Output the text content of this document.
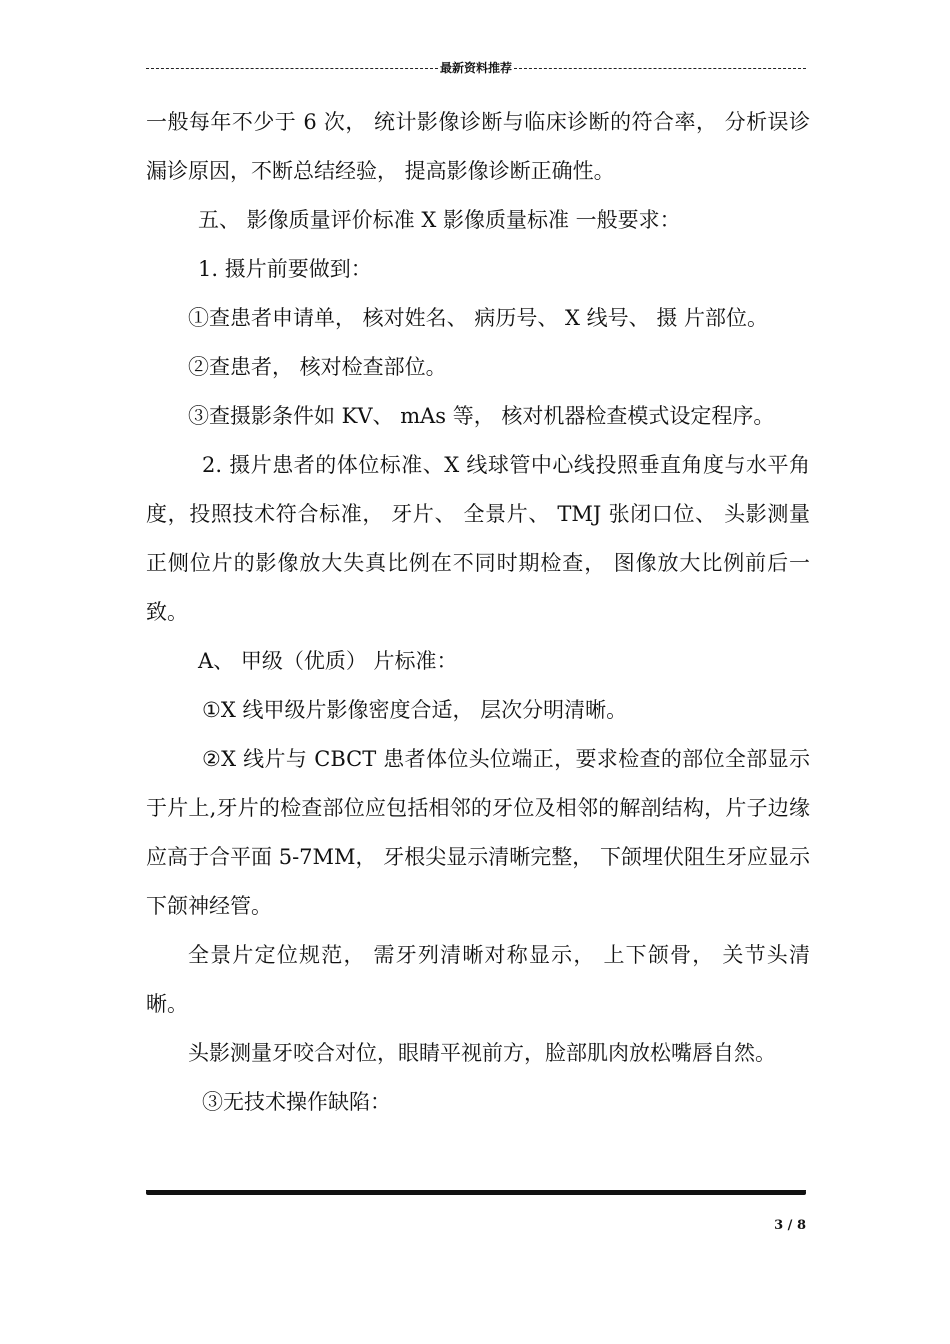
最新资料推荐

一般每年不少于 6 次， 统计影像诊断与临床诊断的符合率， 分析误诊漏诊原因，不断总结经验， 提高影像诊断正确性。

五、 影像质量评价标准 X 影像质量标准 一般要求：

1. 摄片前要做到：

①查患者申请单， 核对姓名、 病历号、 X 线号、 摄 片部位。

②查患者， 核对检查部位。

③查摄影条件如 KV、 mAs 等， 核对机器检查模式设定程序。

2. 摄片患者的体位标准、X 线球管中心线投照垂直角度与水平角度，投照技术符合标准， 牙片、 全景片、 TMJ 张闭口位、 头影测量正侧位片的影像放大失真比例在不同时期检查， 图像放大比例前后一致。

A、 甲级（优质） 片标准：

①X 线甲级片影像密度合适， 层次分明清晰。

②X 线片与 CBCT 患者体位头位端正，要求检查的部位全部显示于片上,牙片的检查部位应包括相邻的牙位及相邻的解剖结构，片子边缘应高于合平面 5-7MM， 牙根尖显示清晰完整， 下颌埋伏阻生牙应显示下颌神经管。

全景片定位规范， 需牙列清晰对称显示， 上下颌骨， 关节头清晰。

头影测量牙咬合对位，眼睛平视前方，脸部肌肉放松嘴唇自然。

③无技术操作缺陷：

3 / 8
